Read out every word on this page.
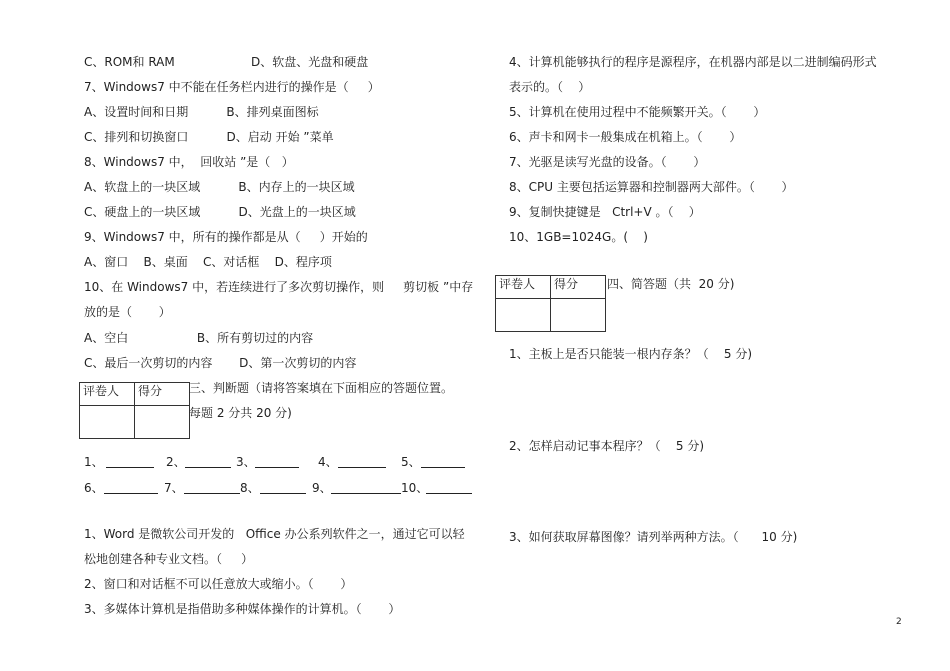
C、ROM和 RAM                    D、软盘、光盘和硬盘
7、Windows7 中不能在任务栏内进行的操作是（     ）
A、设置时间和日期          B、排列桌面图标
C、排列和切换窗口          D、启动 开始 ”菜单
8、Windows7 中，  回收站 ”是（   ）
A、软盘上的一块区域          B、内存上的一块区域
C、硬盘上的一块区域          D、光盘上的一块区域
9、Windows7 中，所有的操作都是从（     ）开始的
A、窗口    B、桌面    C、对话框    D、程序项
10、在 Windows7 中，若连续进行了多次剪切操作，则     剪切板 ”中存
放的是（       ）
A、空白                  B、所有剪切过的内容
C、最后一次剪切的内容       D、第一次剪切的内容
评卷人	得分
	三、判断题（请将答案填在下面相应的答题位置。
每题 2 分共 20 分)

1、

	2、

	3、

	4、

	5、

6、

	7、

	8、

	9、

	10、

1、Word 是微软公司开发的   Office 办公系列软件之一，通过它可以轻
松地创建各种专业文档。（     ）
2、窗口和对话框不可以任意放大或缩小。（       ）
3、多媒体计算机是指借助多种媒体操作的计算机。（       ）
4、计算机能够执行的程序是源程序，在机器内部是以二进制编码形式
表示的。（    ）
5、计算机在使用过程中不能频繁开关。（       ）
6、声卡和网卡一般集成在机箱上。（       ）
7、光驱是读写光盘的设备。（       ）
8、CPU 主要包括运算器和控制器两大部件。（       ）
9、复制快捷键是   Ctrl+V 。（    ）
10、1GB=1024G。(    )
评卷人	得分
	四、简答题（共  20 分)
1、主板上是否只能装一根内存条？（    5 分)
2、怎样启动记事本程序？（    5 分)
3、如何获取屏幕图像？请列举两种方法。（      10 分)
2
